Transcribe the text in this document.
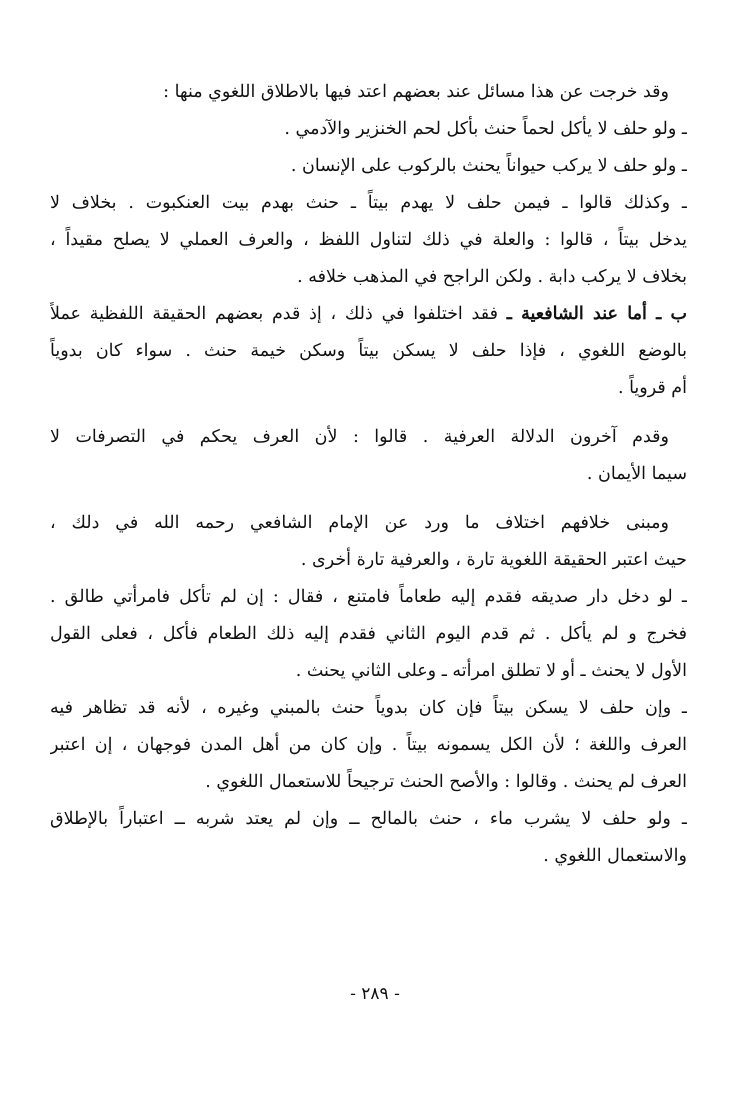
وقد خرجت عن هذا مسائل عند بعضهم اعتد فيها بالاطلاق اللغوي منها :
ـ ولو حلف لا يأكل لحماً حنث بأكل لحم الخنزير والآدمي .
ـ ولو حلف لا يركب حيواناً يحنث بالركوب على الإنسان .
ـ وكذلك قالوا ـ فيمن حلف لا يهدم بيتاً ـ حنث بهدم بيت العنكبوت . بخلاف لا
يدخل بيتاً ، قالوا : والعلة في ذلك لتناول اللفظ ، والعرف العملي لا يصلح مقيداً ،
بخلاف لا يركب دابة . ولكن الراجح في المذهب خلافه .
ب ـ أما عند الشافعية ـ فقد اختلفوا في ذلك ، إذ قدم بعضهم الحقيقة اللفظية عملاً
بالوضع اللغوي ، فإذا حلف لا يسكن بيتاً وسكن خيمة حنث . سواء كان بدوياً
أم قروياً .
وقدم آخرون الدلالة العرفية . قالوا : لأن العرف يحكم في التصرفات لا
سيما الأيمان .
ومبنى خلافهم اختلاف ما ورد عن الإمام الشافعي رحمه الله في دلك ،
حيث اعتبر الحقيقة اللغوية تارة ، والعرفية تارة أخرى .
ـ لو دخل دار صديقه فقدم إليه طعاماً فامتنع ، فقال : إن لم تأكل فامرأتي طالق .
فخرج و لم يأكل . ثم قدم اليوم الثاني فقدم إليه ذلك الطعام فأكل ، فعلى القول
الأول لا يحنث ـ أو لا تطلق امرأته ـ وعلى الثاني يحنث .
ـ وإن حلف لا يسكن بيتاً فإن كان بدوياً حنث بالمبني وغيره ، لأنه قد تظاهر فيه
العرف واللغة ؛ لأن الكل يسمونه بيتاً . وإن كان من أهل المدن فوجهان ، إن اعتبر
العرف لم يحنث . وقالوا : والأصح الحنث ترجيحاً للاستعمال اللغوي .
ـ ولو حلف لا يشرب ماء ، حنث بالمالح ــ وإن لم يعتد شربه ــ اعتباراً بالإطلاق
والاستعمال اللغوي .
- ٢٨٩ -
